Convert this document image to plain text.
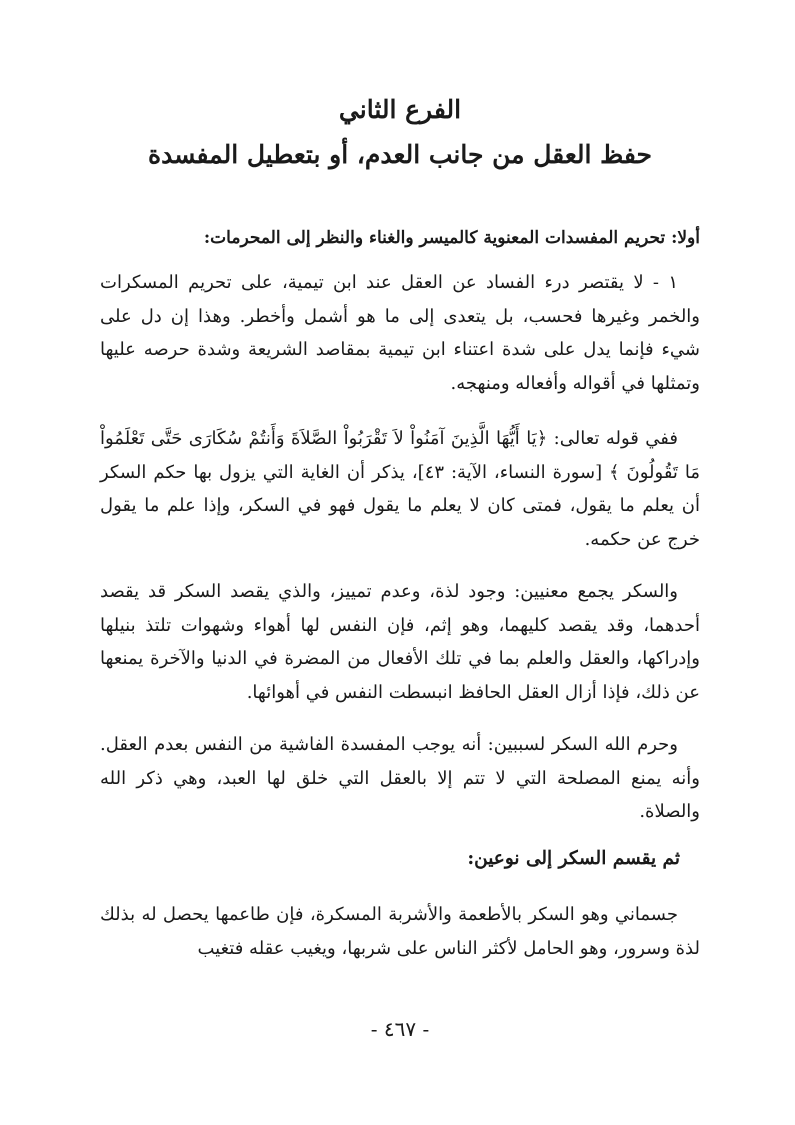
الفرع الثاني
حفظ العقل من جانب العدم، أو بتعطيل المفسدة
أولا: تحريم المفسدات المعنوية كالميسر والغناء والنظر إلى المحرمات:

١ - لا يقتصر درء الفساد عن العقل عند ابن تيمية، على تحريم المسكرات والخمر وغيرها فحسب، بل يتعدى إلى ما هو أشمل وأخطر. وهذا إن دل على شيء فإنما يدل على شدة اعتناء ابن تيمية بمقاصد الشريعة وشدة حرصه عليها وتمثلها في أقواله وأفعاله ومنهجه.

ففي قوله تعالى: ﴿يَا أَيُّهَا الَّذِينَ آمَنُواْ لاَ تَقْرَبُواْ الصَّلاَةَ وَأَنتُمْ سُكَارَى حَتَّى تَعْلَمُواْ مَا تَقُولُونَ ﴾ [سورة النساء، الآية: ٤٣]، يذكر أن الغاية التي يزول بها حكم السكر أن يعلم ما يقول، فمتى كان لا يعلم ما يقول فهو في السكر، وإذا علم ما يقول خرج عن حكمه.

والسكر يجمع معنيين: وجود لذة، وعدم تمييز، والذي يقصد السكر قد يقصد أحدهما، وقد يقصد كليهما، وهو إثم، فإن النفس لها أهواء وشهوات تلتذ بنيلها وإدراكها، والعقل والعلم بما في تلك الأفعال من المضرة في الدنيا والآخرة يمنعها عن ذلك، فإذا أزال العقل الحافظ انبسطت النفس في أهوائها.

وحرم الله السكر لسببين: أنه يوجب المفسدة الفاشية من النفس بعدم العقل. وأنه يمنع المصلحة التي لا تتم إلا بالعقل التي خلق لها العبد، وهي ذكر الله والصلاة.

ثم يقسم السكر إلى نوعين:

جسماني وهو السكر بالأطعمة والأشربة المسكرة، فإن طاعمها يحصل له بذلك لذة وسرور، وهو الحامل لأكثر الناس على شربها، ويغيب عقله فتغيب

- ٤٦٧ -
